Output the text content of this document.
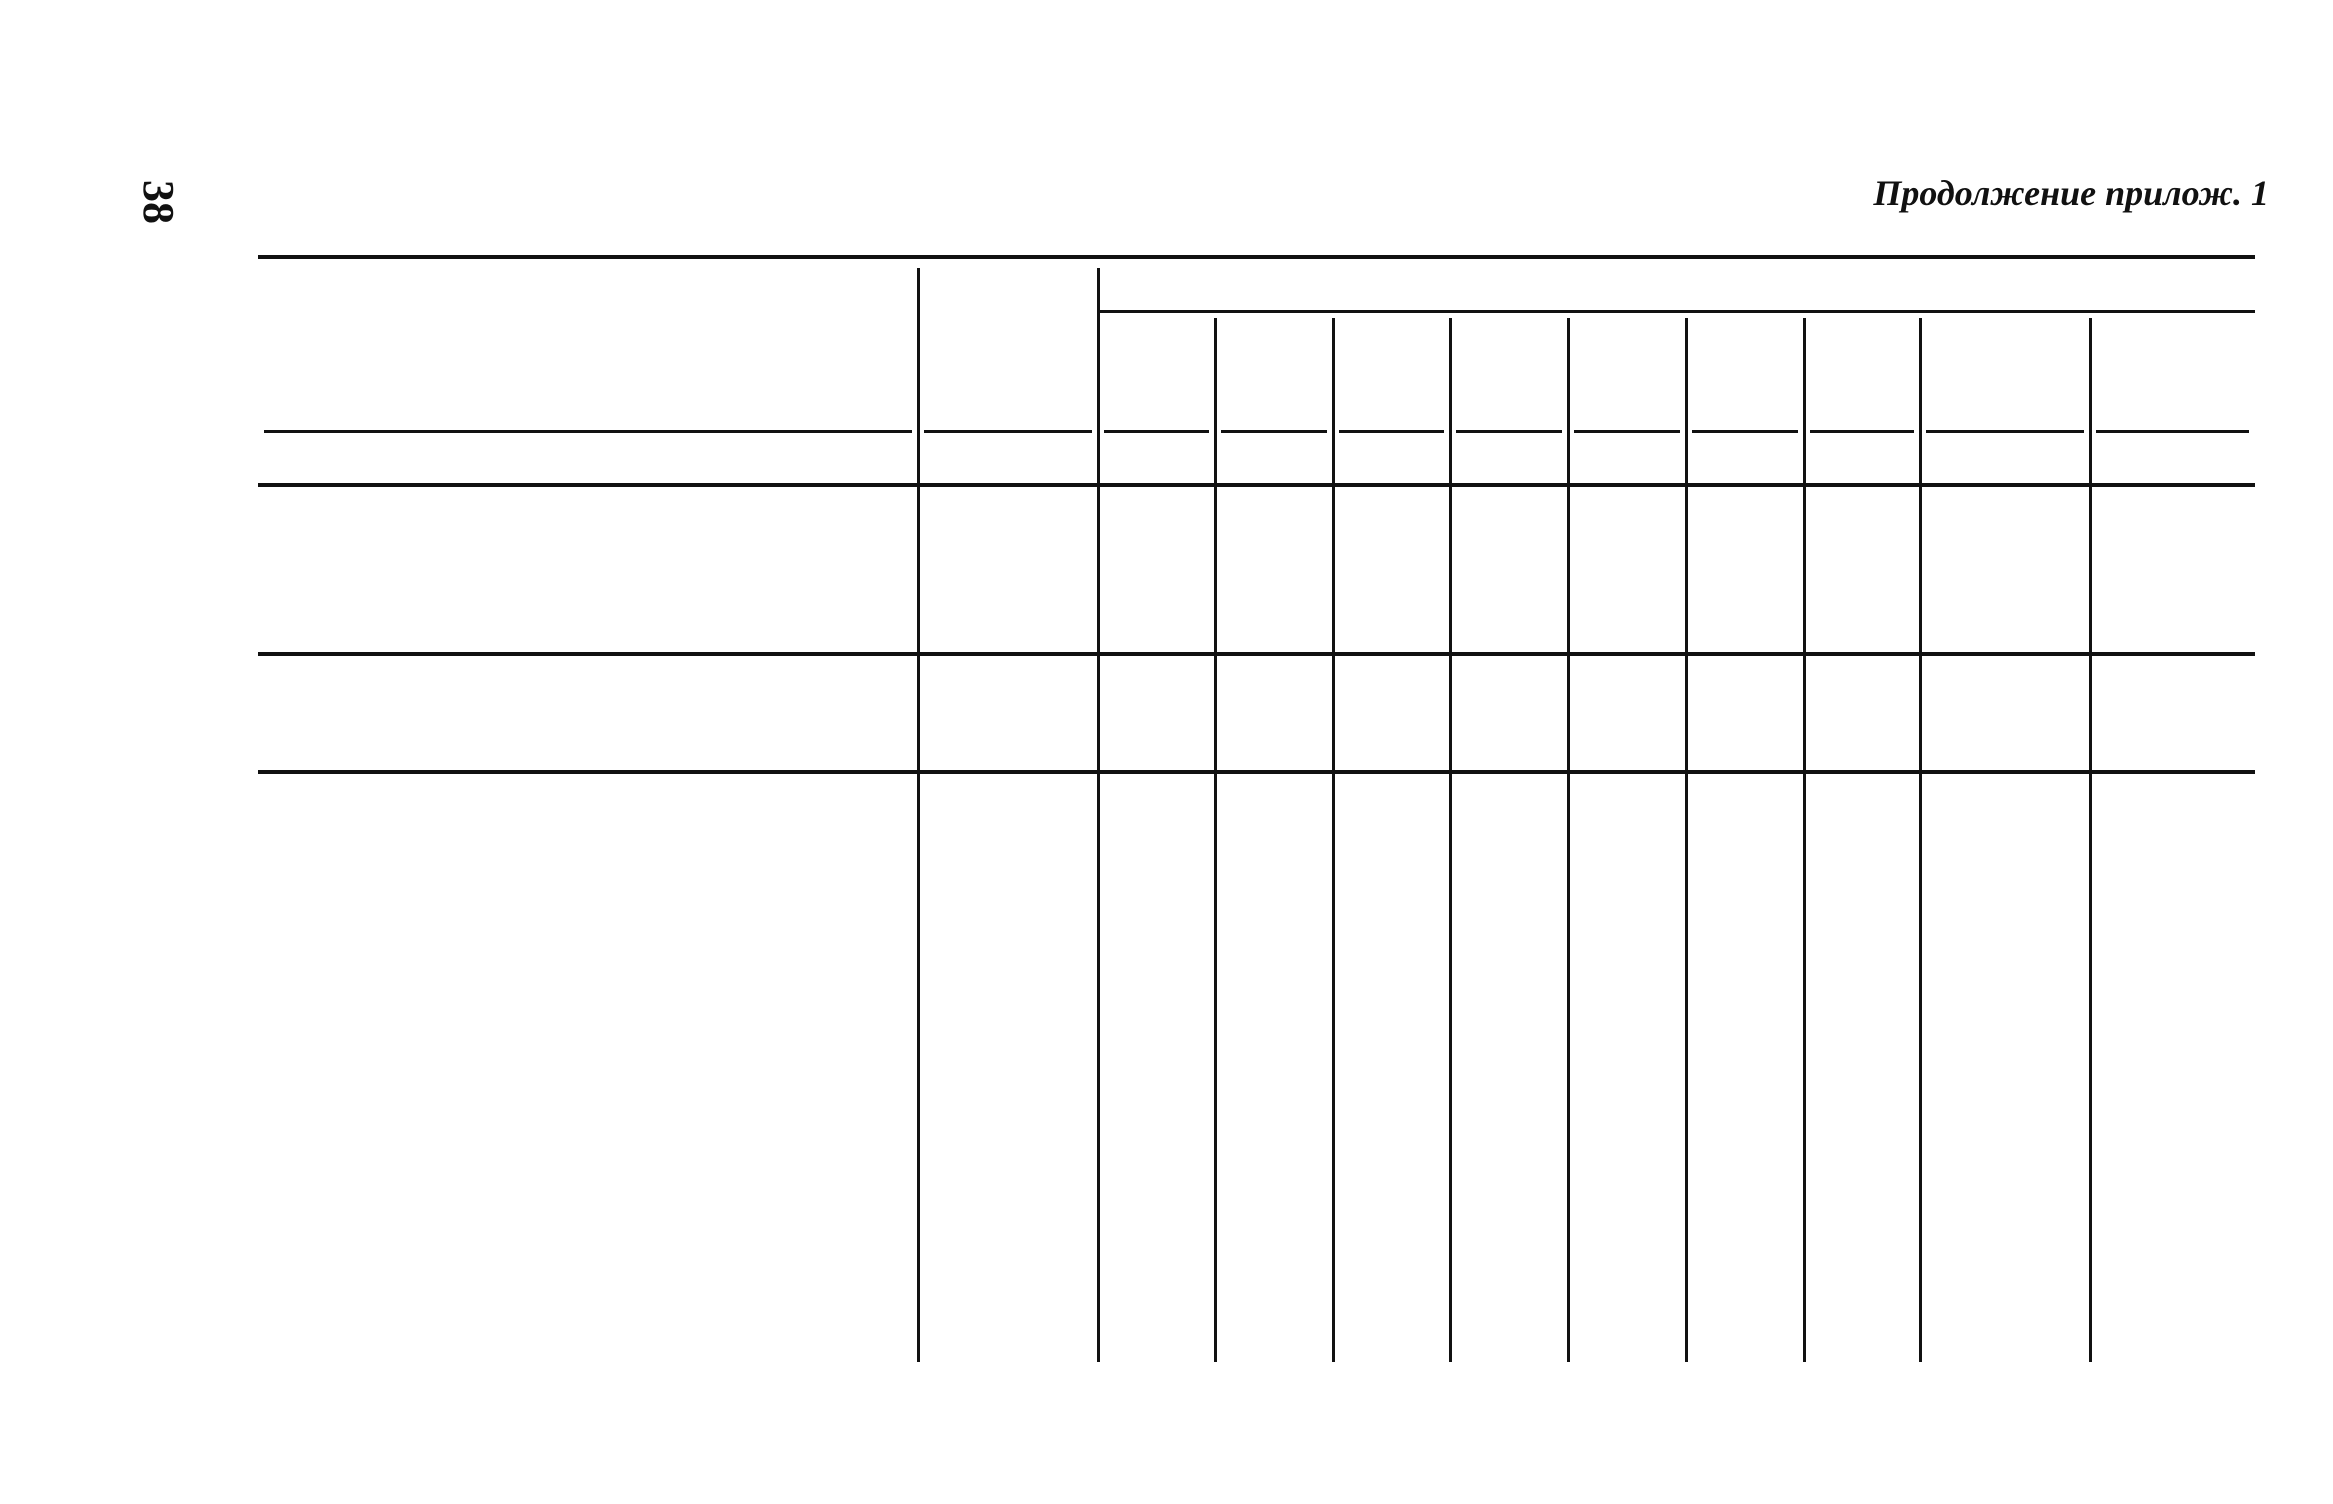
38	Продолжение прилож. 1
